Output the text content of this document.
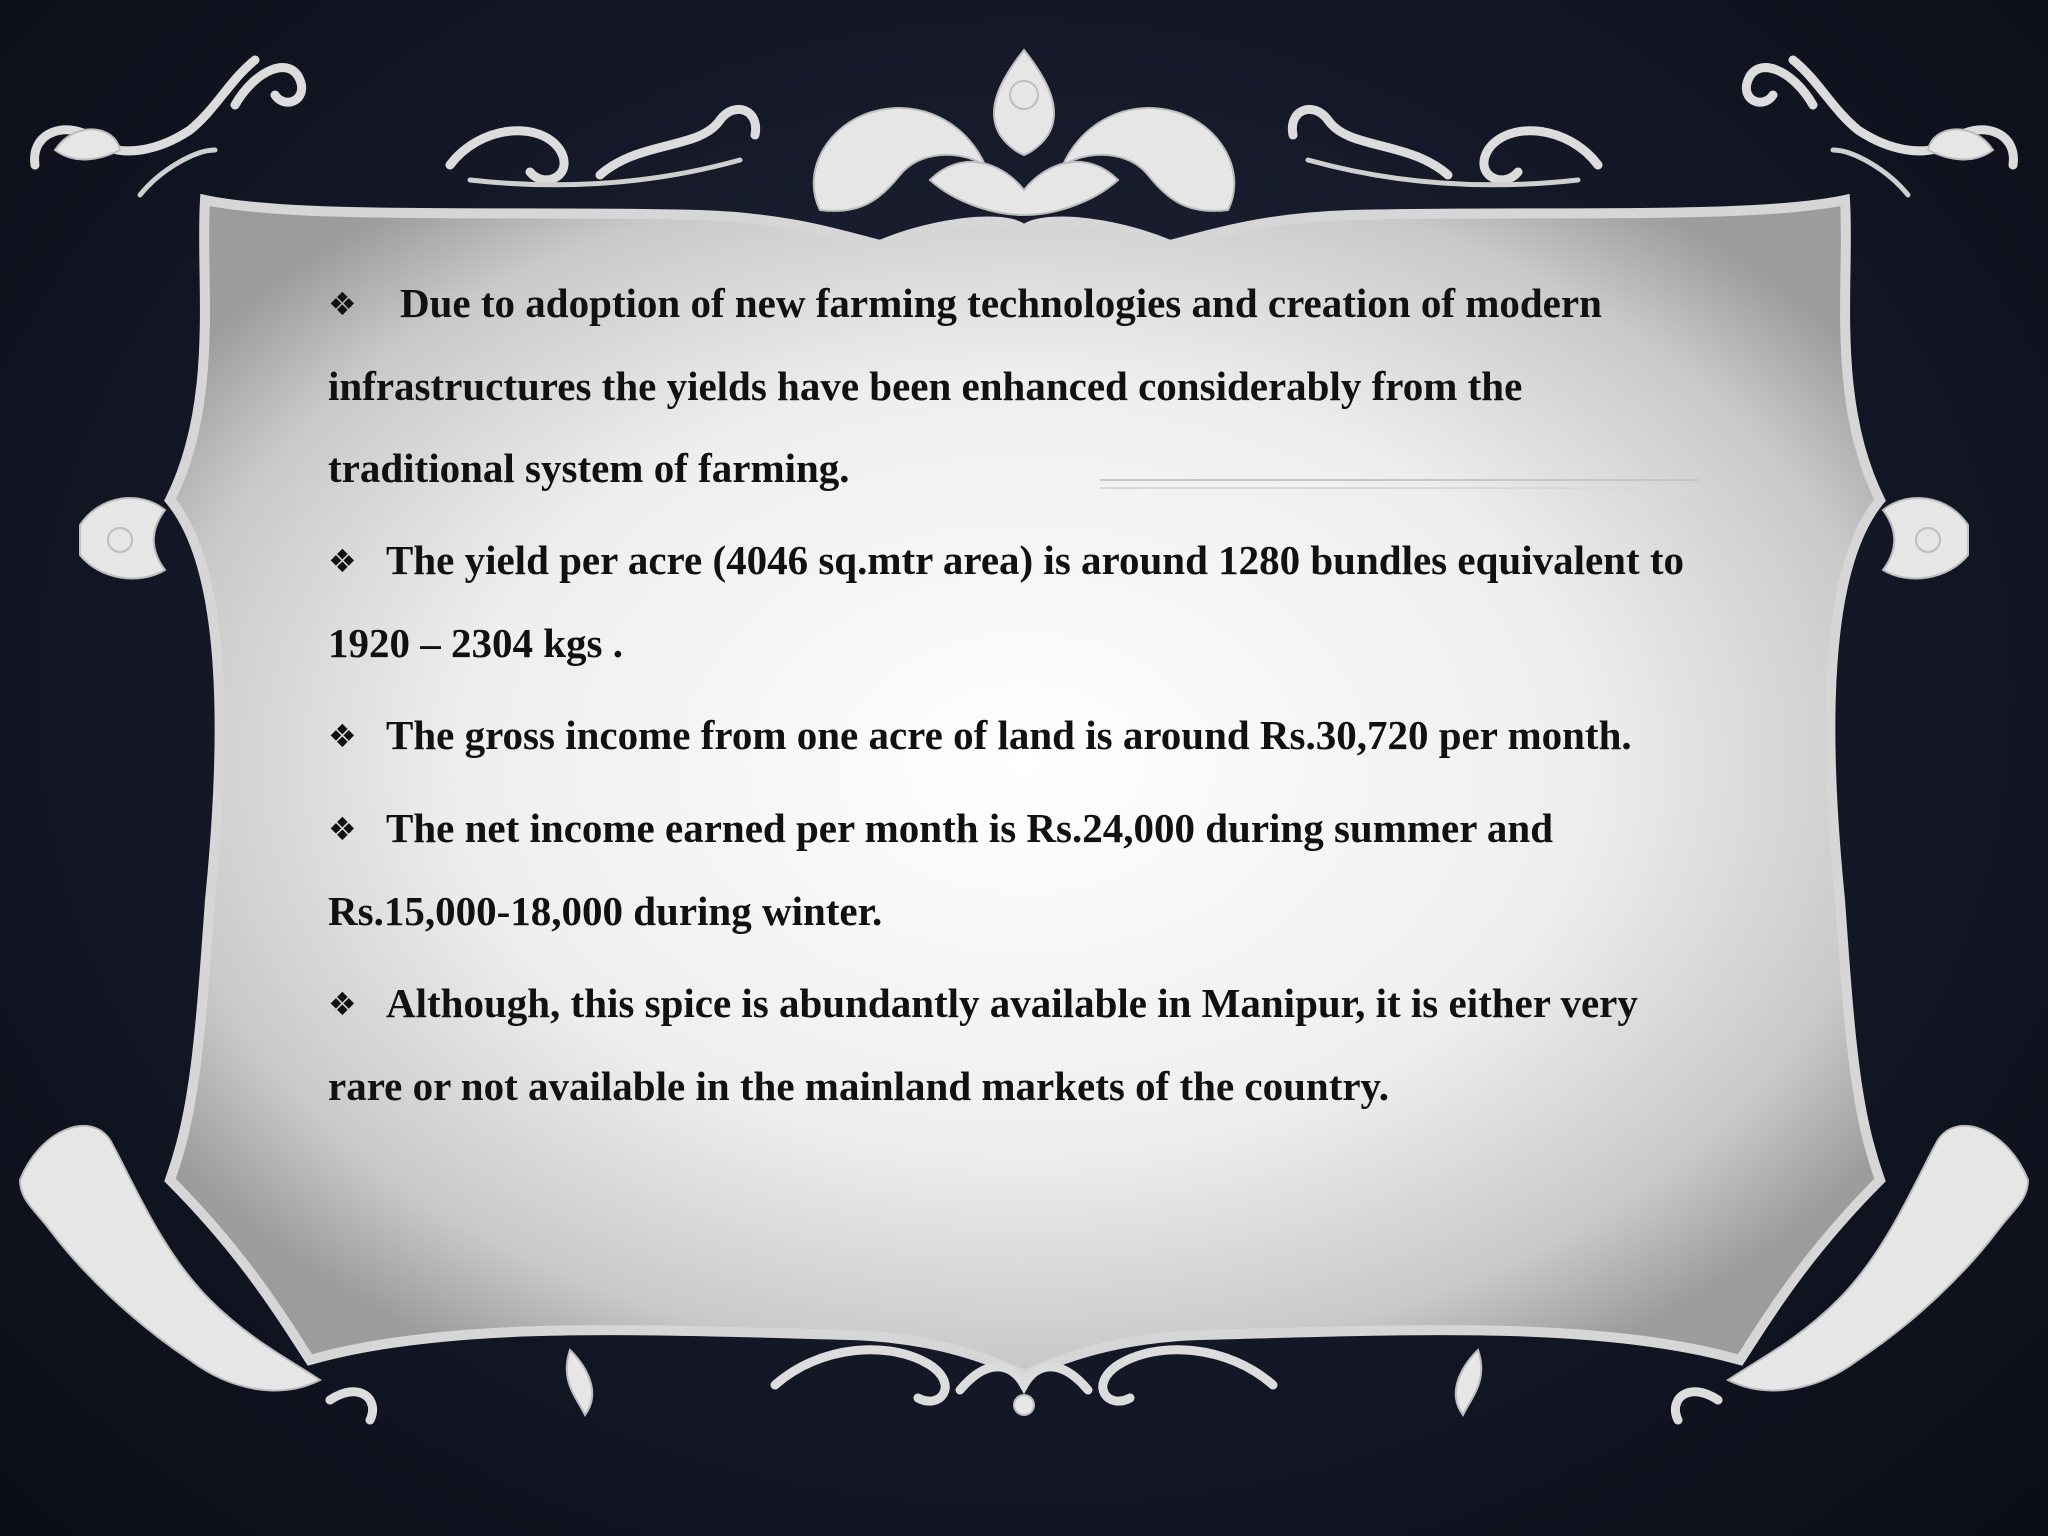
❖ Due to adoption of new farming technologies and creation of modern infrastructures the yields have been enhanced considerably from the traditional system of farming.
❖ The yield per acre (4046 sq.mtr area) is around 1280 bundles equivalent to 1920 – 2304 kgs .
❖ The gross income from one acre of land is around Rs.30,720 per month.
❖ The net income earned per month is Rs.24,000 during summer and Rs.15,000-18,000 during winter.
❖ Although, this spice is abundantly available in Manipur, it is either very rare or not available in the mainland markets of the country.
